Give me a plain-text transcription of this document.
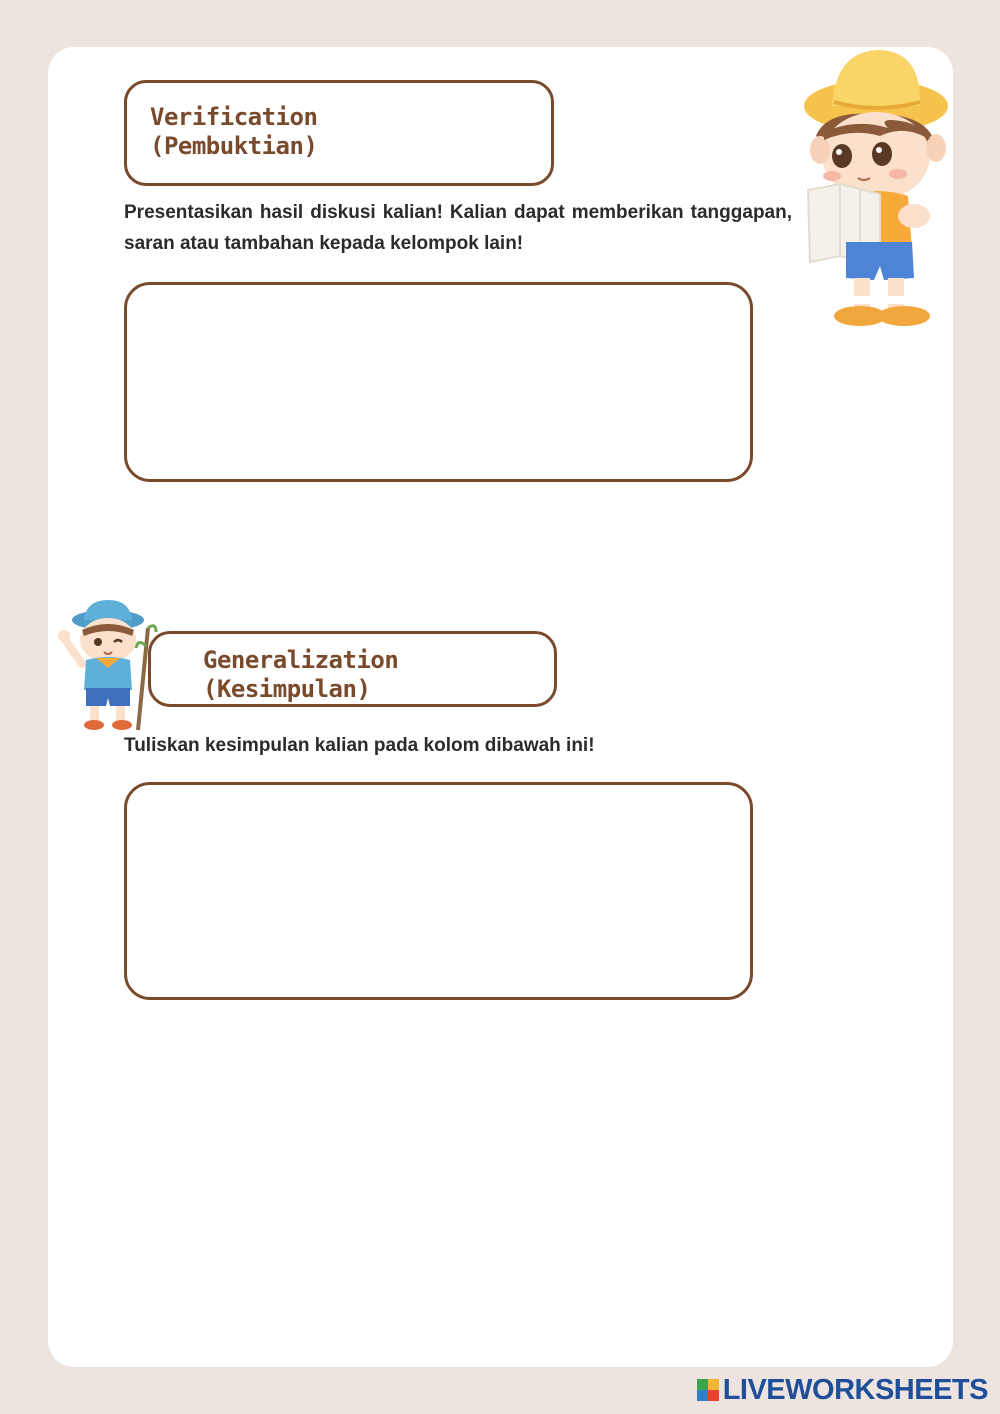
Verification
(Pembuktian)
Presentasikan hasil diskusi kalian! Kalian dapat memberikan tanggapan, saran atau tambahan kepada kelompok lain!
Generalization
(Kesimpulan)
Tuliskan kesimpulan kalian pada kolom dibawah ini!
LIVEWORKSHEETS
